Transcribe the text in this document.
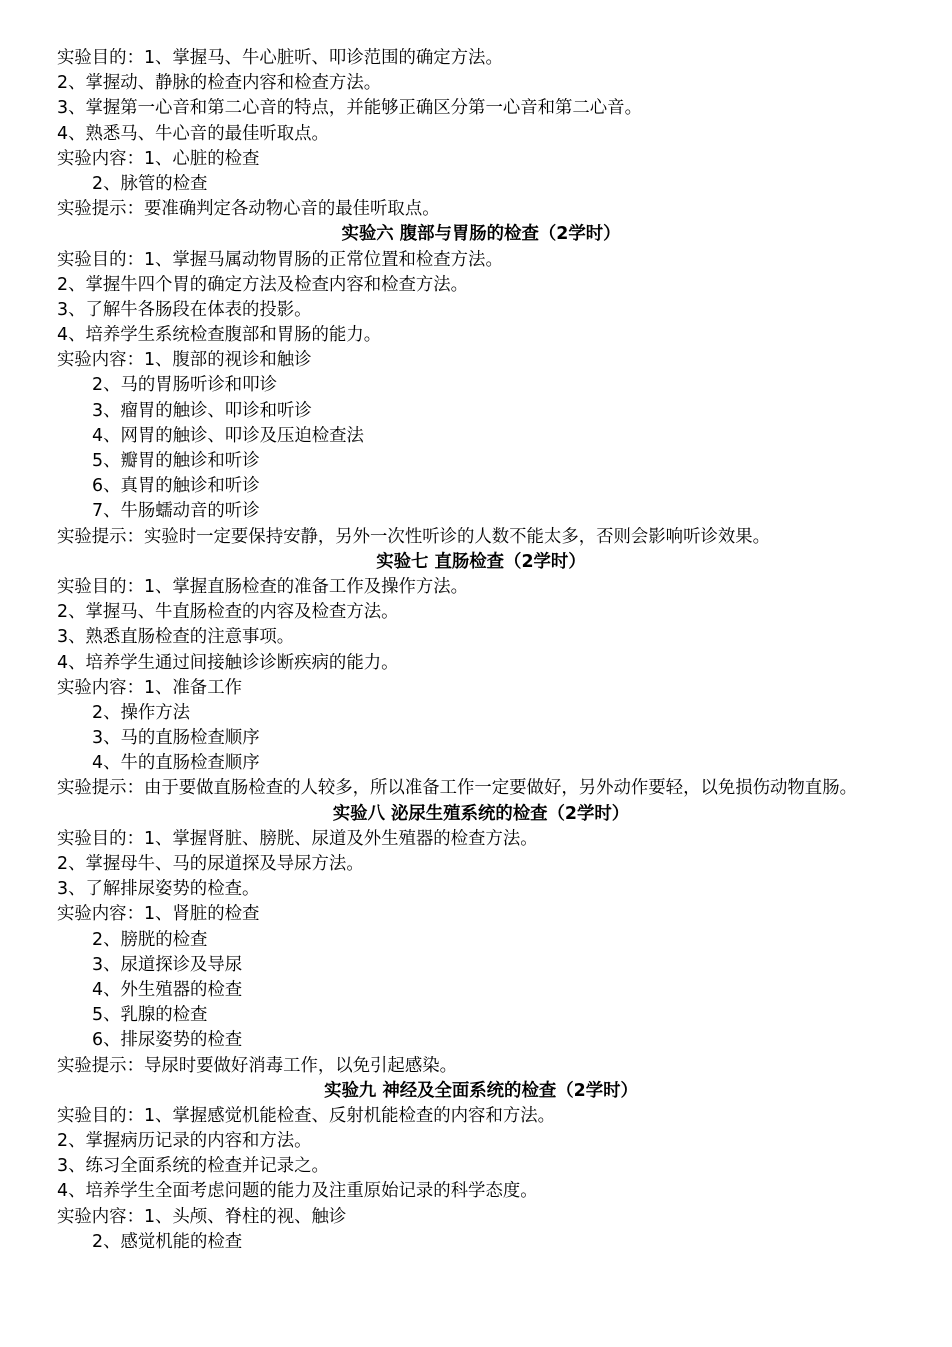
实验目的：1、掌握马、牛心脏听、叩诊范围的确定方法。
2、掌握动、静脉的检查内容和检查方法。
3、掌握第一心音和第二心音的特点，并能够正确区分第一心音和第二心音。
4、熟悉马、牛心音的最佳听取点。
实验内容：1、心脏的检查
2、脉管的检查
实验提示：要准确判定各动物心音的最佳听取点。
实验六 腹部与胃肠的检查（2学时）
实验目的：1、掌握马属动物胃肠的正常位置和检查方法。
2、掌握牛四个胃的确定方法及检查内容和检查方法。
3、了解牛各肠段在体表的投影。
4、培养学生系统检查腹部和胃肠的能力。
实验内容：1、腹部的视诊和触诊
2、马的胃肠听诊和叩诊
3、瘤胃的触诊、叩诊和听诊
4、网胃的触诊、叩诊及压迫检查法
5、瓣胃的触诊和听诊
6、真胃的触诊和听诊
7、牛肠蠕动音的听诊
实验提示：实验时一定要保持安静，另外一次性听诊的人数不能太多，否则会影响听诊效果。
实验七 直肠检查（2学时）
实验目的：1、掌握直肠检查的准备工作及操作方法。
2、掌握马、牛直肠检查的内容及检查方法。
3、熟悉直肠检查的注意事项。
4、培养学生通过间接触诊诊断疾病的能力。
实验内容：1、准备工作
2、操作方法
3、马的直肠检查顺序
4、牛的直肠检查顺序
实验提示：由于要做直肠检查的人较多，所以准备工作一定要做好，另外动作要轻，以免损伤动物直肠。
实验八 泌尿生殖系统的检查（2学时）
实验目的：1、掌握肾脏、膀胱、尿道及外生殖器的检查方法。
2、掌握母牛、马的尿道探及导尿方法。
3、了解排尿姿势的检查。
实验内容：1、肾脏的检查
2、膀胱的检查
3、尿道探诊及导尿
4、外生殖器的检查
5、乳腺的检查
6、排尿姿势的检查
实验提示：导尿时要做好消毒工作，以免引起感染。
实验九 神经及全面系统的检查（2学时）
实验目的：1、掌握感觉机能检查、反射机能检查的内容和方法。
2、掌握病历记录的内容和方法。
3、练习全面系统的检查并记录之。
4、培养学生全面考虑问题的能力及注重原始记录的科学态度。
实验内容：1、头颅、脊柱的视、触诊
2、感觉机能的检查
